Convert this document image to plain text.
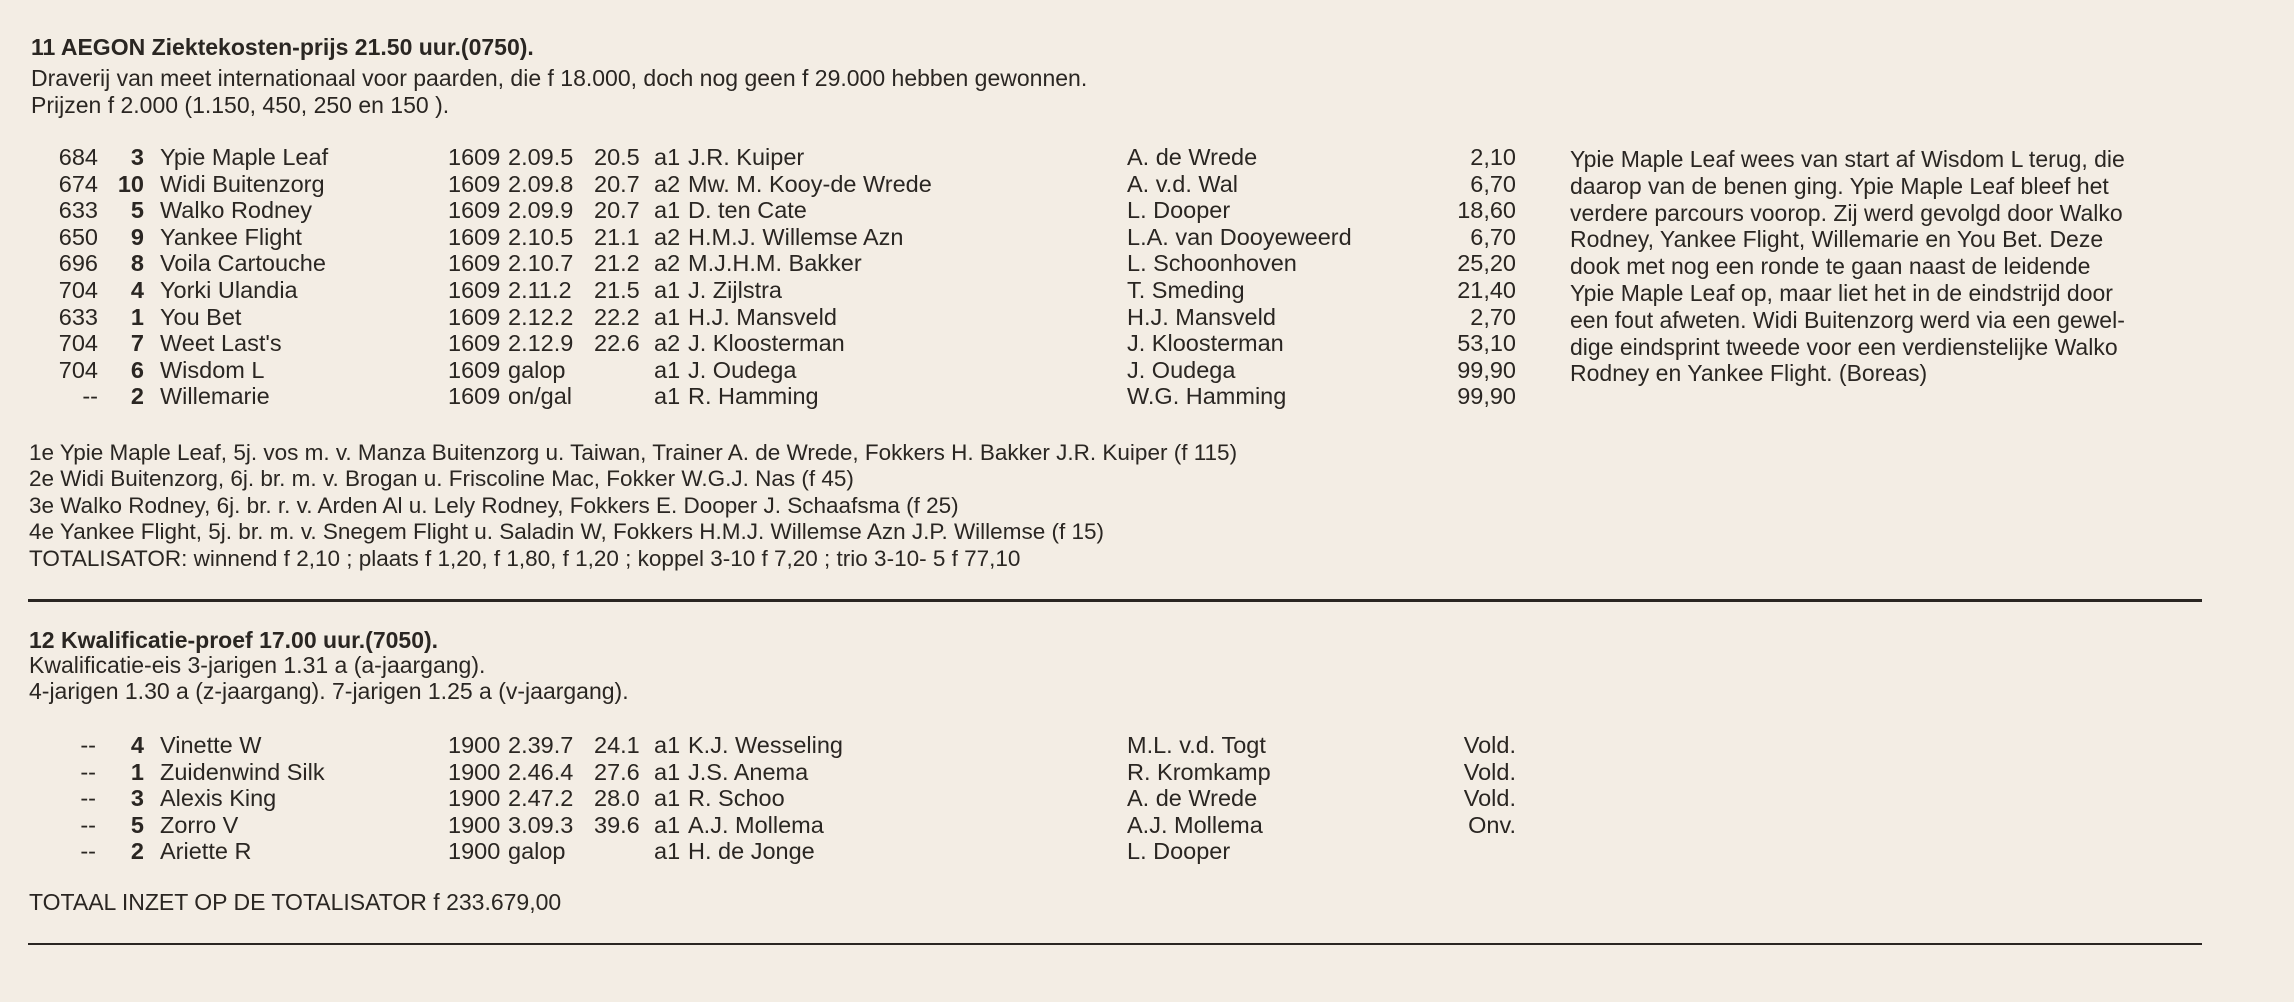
11 AEGON Ziektekosten-prijs 21.50 uur.(0750).
Draverij van meet internationaal voor paarden, die f 18.000, doch nog geen f 29.000 hebben gewonnen.
Prijzen f 2.000 (1.150, 450, 250 en 150 ).
684	3 Ypie Maple Leaf	1609 2.09.5 20.5 a1 J.R. Kuiper	A. de Wrede	2,10
674 10 Widi Buitenzorg	1609 2.09.8 20.7 a2 Mw. M. Kooy-de Wrede	A. v.d. Wal	6,70
633	5 Walko Rodney	1609 2.09.9 20.7 a1 D. ten Cate	L. Dooper	18,60
650	9 Yankee Flight	1609 2.10.5 21.1 a2 H.M.J. Willemse Azn	L.A. van Dooyeweerd	6,70
696	8 Voila Cartouche	1609 2.10.7 21.2 a2 M.J.H.M. Bakker	L. Schoonhoven	25,20
704	4 Yorki Ulandia	1609 2.11.2 21.5 a1 J. Zijlstra	T. Smeding	21,40
633	1 You Bet	1609 2.12.2 22.2 a1 H.J. Mansveld	H.J. Mansveld	2,70
704	7 Weet Last's	1609 2.12.9 22.6 a2 J. Kloosterman	J. Kloosterman	53,10
704	6 Wisdom L	1609 galop	a1 J. Oudega	J. Oudega	99,90
--	2 Willemarie	1609 on/gal	a1 R. Hamming	W.G. Hamming	99,90
Ypie Maple Leaf wees van start af Wisdom L terug, die
daarop van de benen ging. Ypie Maple Leaf bleef het
verdere parcours voorop. Zij werd gevolgd door Walko
Rodney, Yankee Flight, Willemarie en You Bet. Deze
dook met nog een ronde te gaan naast de leidende
Ypie Maple Leaf op, maar liet het in de eindstrijd door
een fout afweten. Widi Buitenzorg werd via een gewel-
dige eindsprint tweede voor een verdienstelijke Walko
Rodney en Yankee Flight. (Boreas)
1e Ypie Maple Leaf, 5j. vos m. v. Manza Buitenzorg u. Taiwan, Trainer A. de Wrede, Fokkers H. Bakker J.R. Kuiper (f 115)
2e Widi Buitenzorg, 6j. br. m. v. Brogan u. Friscoline Mac, Fokker W.G.J. Nas (f 45)
3e Walko Rodney, 6j. br. r. v. Arden Al u. Lely Rodney, Fokkers E. Dooper J. Schaafsma (f 25)
4e Yankee Flight, 5j. br. m. v. Snegem Flight u. Saladin W, Fokkers H.M.J. Willemse Azn J.P. Willemse (f 15)
TOTALISATOR: winnend f 2,10 ; plaats f 1,20, f 1,80, f 1,20 ; koppel 3-10 f 7,20 ; trio 3-10- 5 f 77,10
12 Kwalificatie-proef 17.00 uur.(7050).
Kwalificatie-eis 3-jarigen 1.31 a (a-jaargang).
4-jarigen 1.30 a (z-jaargang). 7-jarigen 1.25 a (v-jaargang).
--	4 Vinette W	1900 2.39.7 24.1 a1 K.J. Wesseling	M.L. v.d. Togt	Vold.
--	1 Zuidenwind Silk	1900 2.46.4 27.6 a1 J.S. Anema	R. Kromkamp	Vold.
--	3 Alexis King	1900 2.47.2 28.0 a1 R. Schoo	A. de Wrede	Vold.
--	5 Zorro V	1900 3.09.3 39.6 a1 A.J. Mollema	A.J. Mollema	Onv.
--	2 Ariette R	1900 galop	a1 H. de Jonge	L. Dooper
TOTAAL INZET OP DE TOTALISATOR f 233.679,00
